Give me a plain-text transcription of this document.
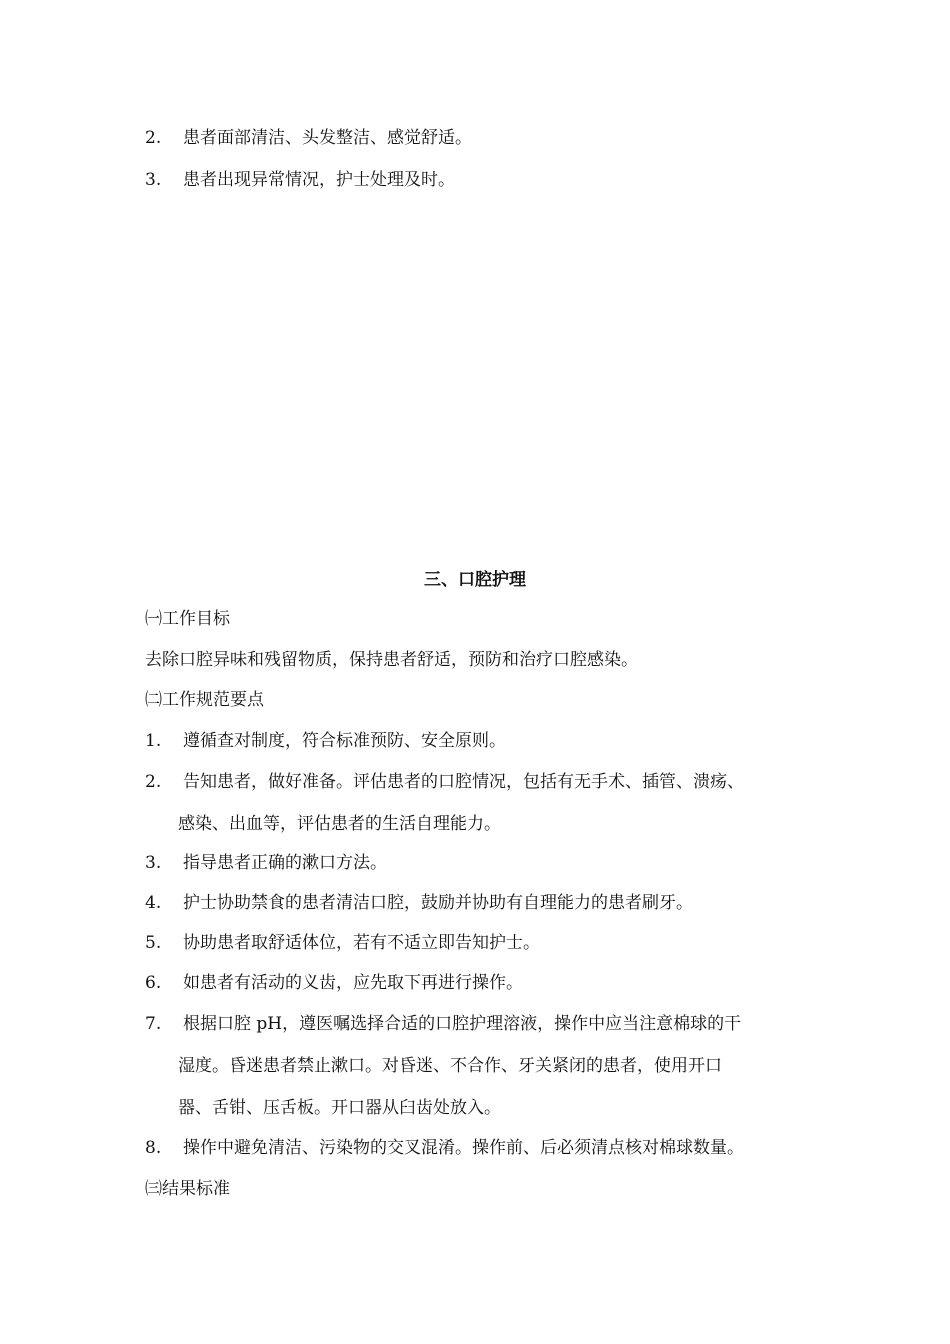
2. 患者面部清洁、头发整洁、感觉舒适。
3. 患者出现异常情况，护士处理及时。
三、口腔护理
㈠工作目标
去除口腔异味和残留物质，保持患者舒适，预防和治疗口腔感染。
㈡工作规范要点
1. 遵循查对制度，符合标准预防、安全原则。
2. 告知患者，做好准备。评估患者的口腔情况，包括有无手术、插管、溃疡、
感染、出血等，评估患者的生活自理能力。
3. 指导患者正确的漱口方法。
4. 护士协助禁食的患者清洁口腔，鼓励并协助有自理能力的患者刷牙。
5. 协助患者取舒适体位，若有不适立即告知护士。
6. 如患者有活动的义齿，应先取下再进行操作。
7. 根据口腔 pH，遵医嘱选择合适的口腔护理溶液，操作中应当注意棉球的干
湿度。昏迷患者禁止漱口。对昏迷、不合作、牙关紧闭的患者，使用开口
器、舌钳、压舌板。开口器从臼齿处放入。
8. 操作中避免清洁、污染物的交叉混淆。操作前、后必须清点核对棉球数量。
㈢结果标准
